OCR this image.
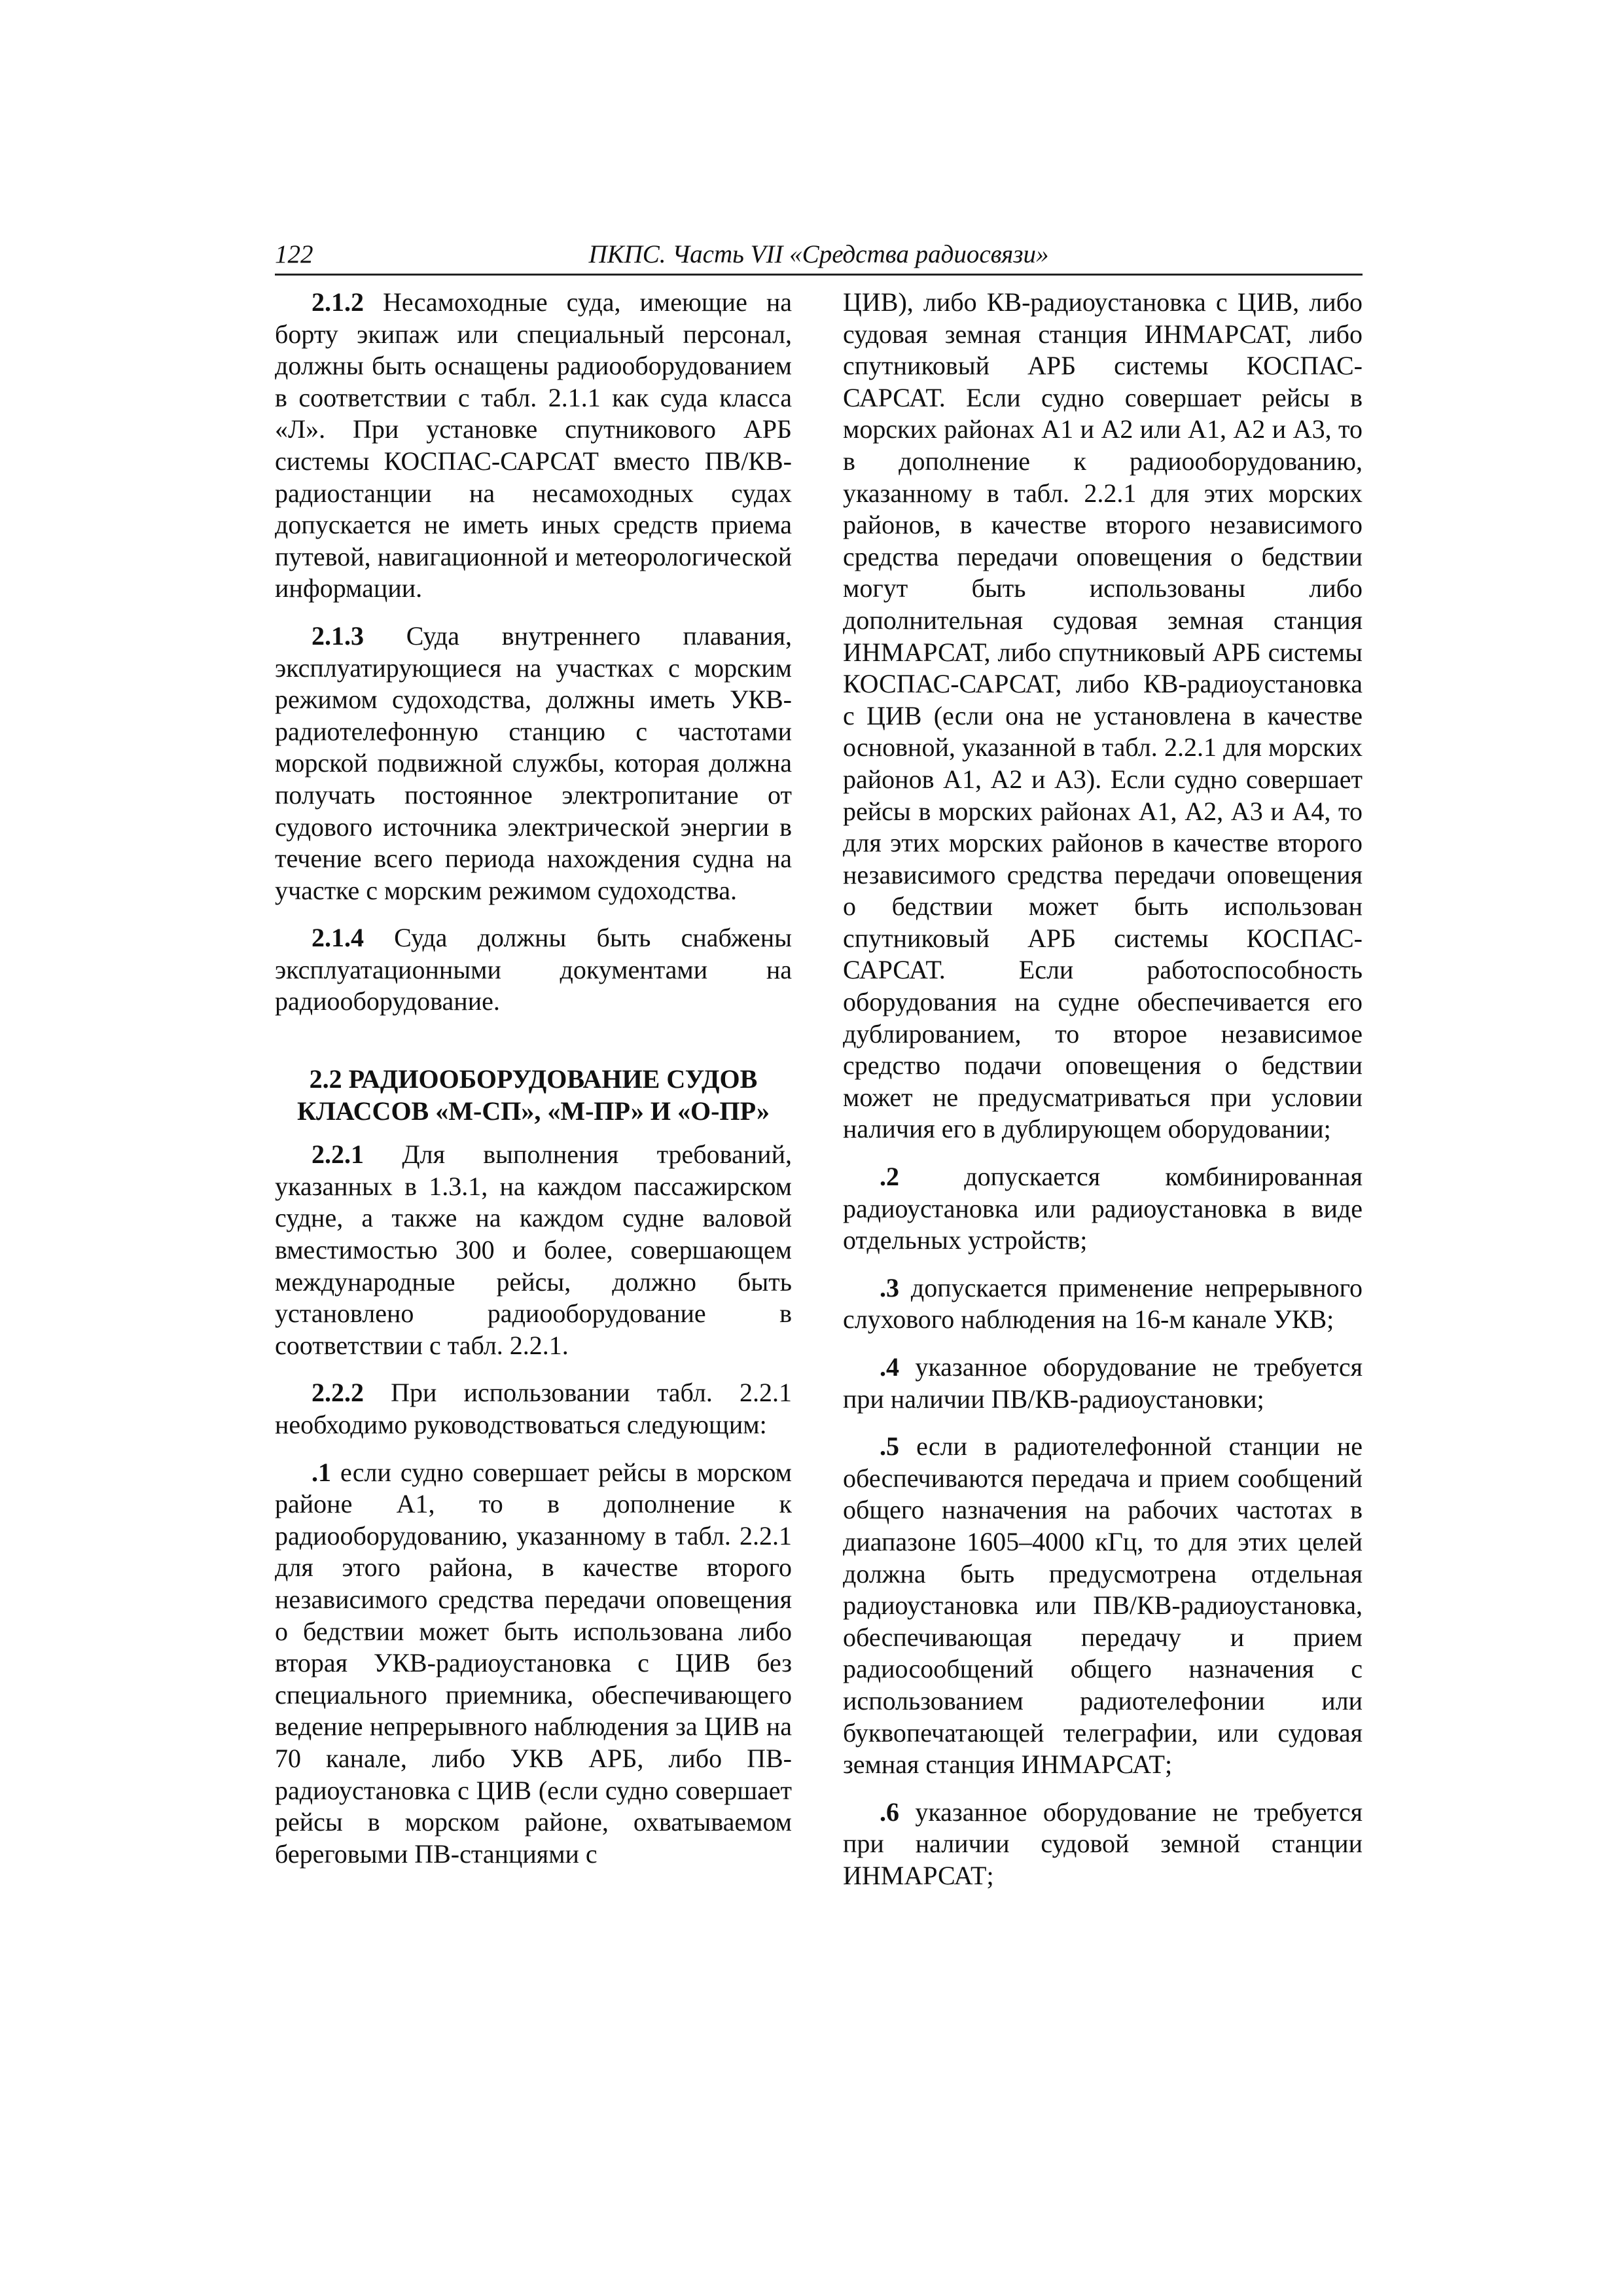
122	ПКПС. Часть VII «Средства радиосвязи»

2.1.2 Несамоходные суда, имеющие на борту экипаж или специальный персонал, должны быть оснащены радиооборудованием в соответствии с табл. 2.1.1 как суда класса «Л». При установке спутникового АРБ системы КОСПАС-САРСАТ вместо ПВ/КВ-радиостанции на несамоходных судах допускается не иметь иных средств приема путевой, навигационной и метеорологической информации.

2.1.3 Суда внутреннего плавания, эксплуатирующиеся на участках с морским режимом судоходства, должны иметь УКВ-радиотелефонную станцию с частотами морской подвижной службы, которая должна получать постоянное электропитание от судового источника электрической энергии в течение всего периода нахождения судна на участке с морским режимом судоходства.

2.1.4 Суда должны быть снабжены эксплуатационными документами на радиооборудование.

2.2 РАДИООБОРУДОВАНИЕ СУДОВ
КЛАССОВ «М-СП», «М-ПР» И «О-ПР»

2.2.1 Для выполнения требований, указанных в 1.3.1, на каждом пассажирском судне, а также на каждом судне валовой вместимостью 300 и более, совершающем международные рейсы, должно быть установлено радиооборудование в соответствии с табл. 2.2.1.

2.2.2 При использовании табл. 2.2.1 необходимо руководствоваться следующим:

.1 если судно совершает рейсы в морском районе А1, то в дополнение к радиооборудованию, указанному в табл. 2.2.1 для этого района, в качестве второго независимого средства передачи оповещения о бедствии может быть использована либо вторая УКВ-радиоустановка с ЦИВ без специального приемника, обеспечивающего ведение непрерывного наблюдения за ЦИВ на 70 канале, либо УКВ АРБ, либо ПВ-радиоустановка с ЦИВ (если судно совершает рейсы в морском районе, охватываемом береговыми ПВ-станциями с

ЦИВ), либо КВ-радиоустановка с ЦИВ, либо судовая земная станция ИНМАРСАТ, либо спутниковый АРБ системы КОСПАС-САРСАТ. Если судно совершает рейсы в морских районах А1 и А2 или А1, А2 и А3, то в дополнение к радиооборудованию, указанному в табл. 2.2.1 для этих морских районов, в качестве второго независимого средства передачи оповещения о бедствии могут быть использованы либо дополнительная судовая земная станция ИНМАРСАТ, либо спутниковый АРБ системы КОСПАС-САРСАТ, либо КВ-радиоустановка с ЦИВ (если она не установлена в качестве основной, указанной в табл. 2.2.1 для морских районов А1, А2 и А3). Если судно совершает рейсы в морских районах А1, А2, А3 и А4, то для этих морских районов в качестве второго независимого средства передачи оповещения о бедствии может быть использован спутниковый АРБ системы КОСПАС-САРСАТ. Если работоспособность оборудования на судне обеспечивается его дублированием, то второе независимое средство подачи оповещения о бедствии может не предусматриваться при условии наличия его в дублирующем оборудовании;

.2 допускается комбинированная радиоустановка или радиоустановка в виде отдельных устройств;

.3 допускается применение непрерывного слухового наблюдения на 16-м канале УКВ;

.4 указанное оборудование не требуется при наличии ПВ/КВ-радиоустановки;

.5 если в радиотелефонной станции не обеспечиваются передача и прием сообщений общего назначения на рабочих частотах в диапазоне 1605–4000 кГц, то для этих целей должна быть предусмотрена отдельная радиоустановка или ПВ/КВ-радиоустановка, обеспечивающая передачу и прием радиосообщений общего назначения с использованием радиотелефонии или буквопечатающей телеграфии, или судовая земная станция ИНМАРСАТ;

.6 указанное оборудование не требуется при наличии судовой земной станции ИНМАРСАТ;
